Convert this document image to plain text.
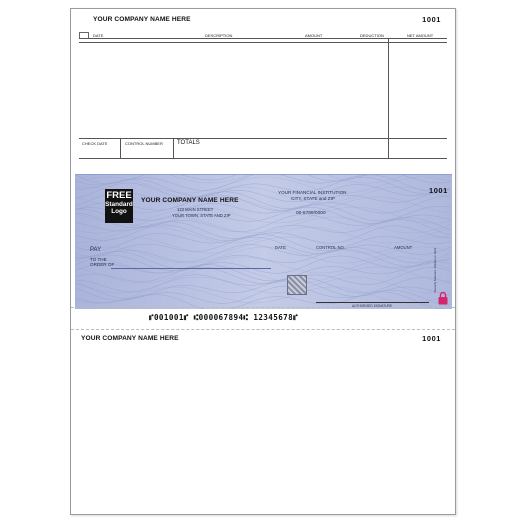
YOUR COMPANY NAME HERE	1001
DATE	DESCRIPTION	AMOUNT	DEDUCTION	NET AMOUNT
CHECK DATE	CONTROL NUMBER TOTALS
FREE
Standard
Logo
YOUR COMPANY NAME HERE
123 MAIN STREET
YOUR TOWN, STATE AND ZIP
YOUR FINANCIAL INSTITUTION
CITY, STATE and ZIP
00-6789/0000
1001
DATE	CONTROL NO.	AMOUNT
PAY
TO THE
ORDER OF
AUTHORIZED SIGNATURE
Security features. Details on back.
⑈001001⑈ ⑆000067894⑆ 12345678⑈
YOUR COMPANY NAME HERE	1001
